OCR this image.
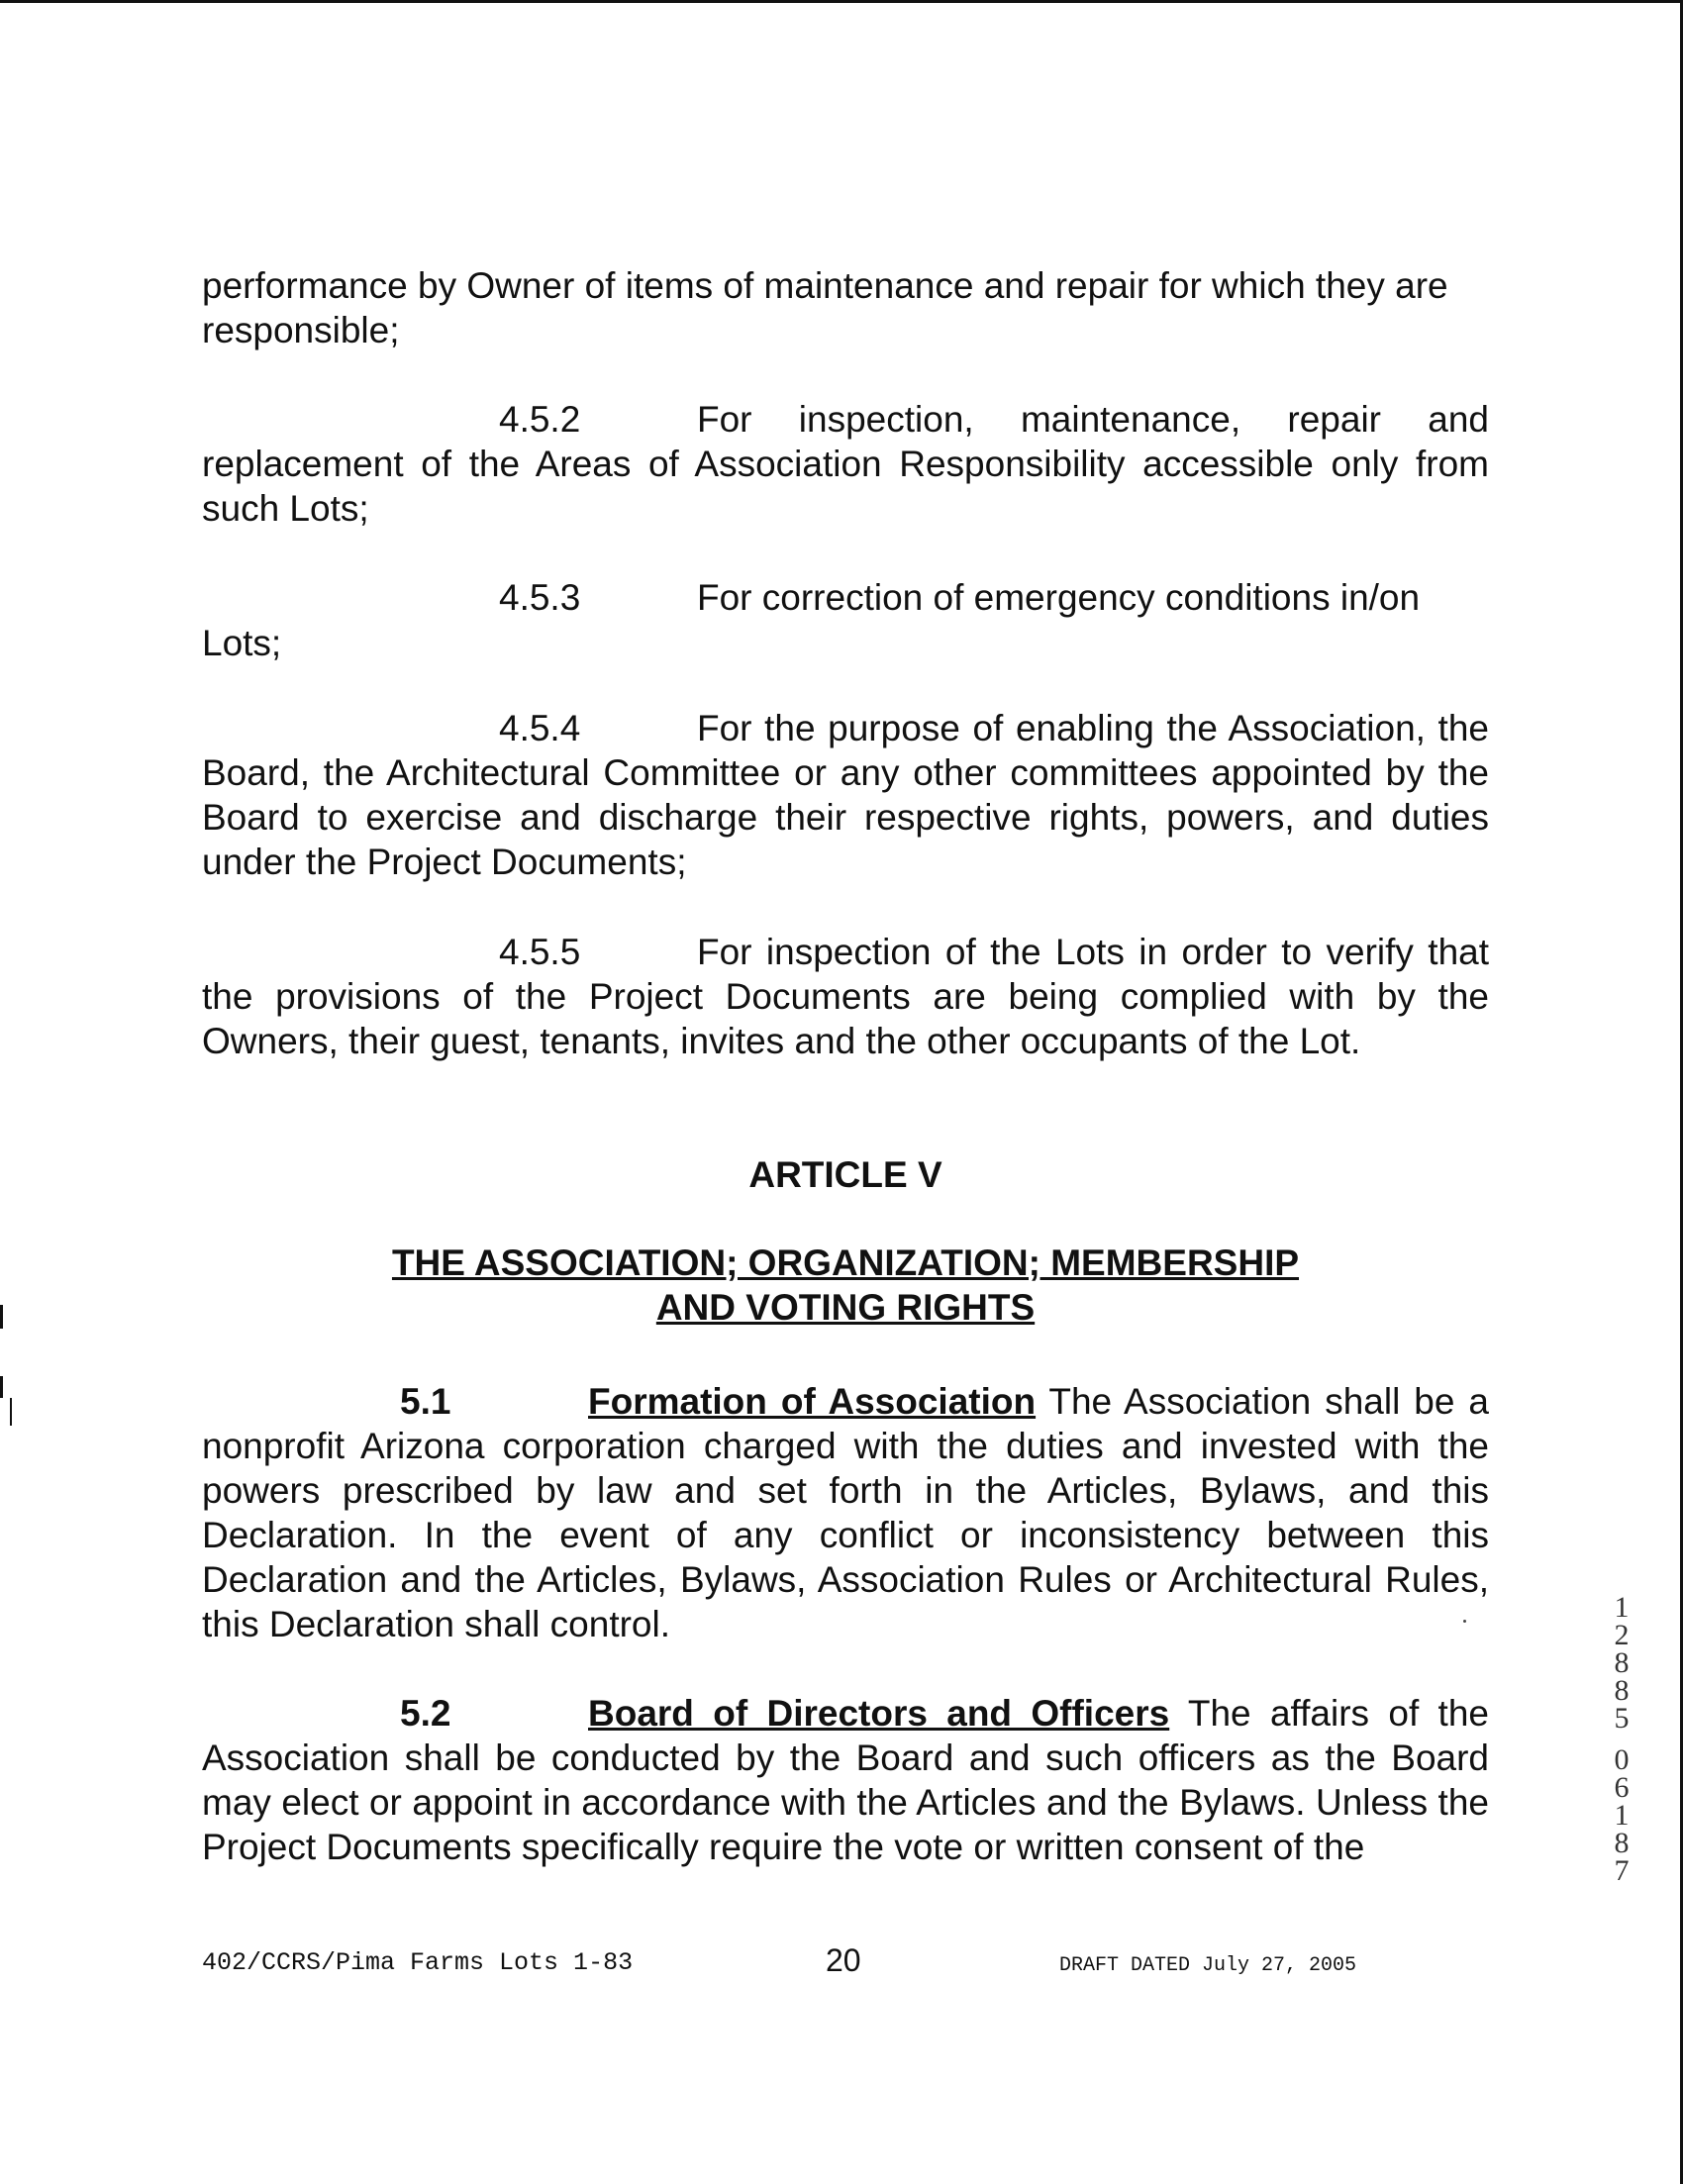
performance by Owner of items of maintenance and repair for which they are responsible;

4.5.2	For inspection, maintenance, repair and replacement of the Areas of Association Responsibility accessible only from such Lots;

4.5.3	For correction of emergency conditions in/on

Lots;

4.5.4	For the purpose of enabling the Association, the Board, the Architectural Committee or any other committees appointed by the Board to exercise and discharge their respective rights, powers, and duties under the Project Documents;

4.5.5	For inspection of the Lots in order to verify that the provisions of the Project Documents are being complied with by the Owners, their guest, tenants, invites and the other occupants of the Lot.

ARTICLE V

THE ASSOCIATION; ORGANIZATION; MEMBERSHIP
AND VOTING RIGHTS

5.1	Formation of Association The Association shall be a nonprofit Arizona corporation charged with the duties and invested with the powers prescribed by law and set forth in the Articles, Bylaws, and this Declaration. In the event of any conflict or inconsistency between this Declaration and the Articles, Bylaws, Association Rules or Architectural Rules, this Declaration shall control.

5.2	Board of Directors and Officers The affairs of the Association shall be conducted by the Board and such officers as the Board may elect or appoint in accordance with the Articles and the Bylaws. Unless the Project Documents specifically require the vote or written consent of the

1
2
8
8
5
0
6
1
8
7

402/CCRS/Pima Farms Lots 1-83	20	DRAFT DATED July 27, 2005
